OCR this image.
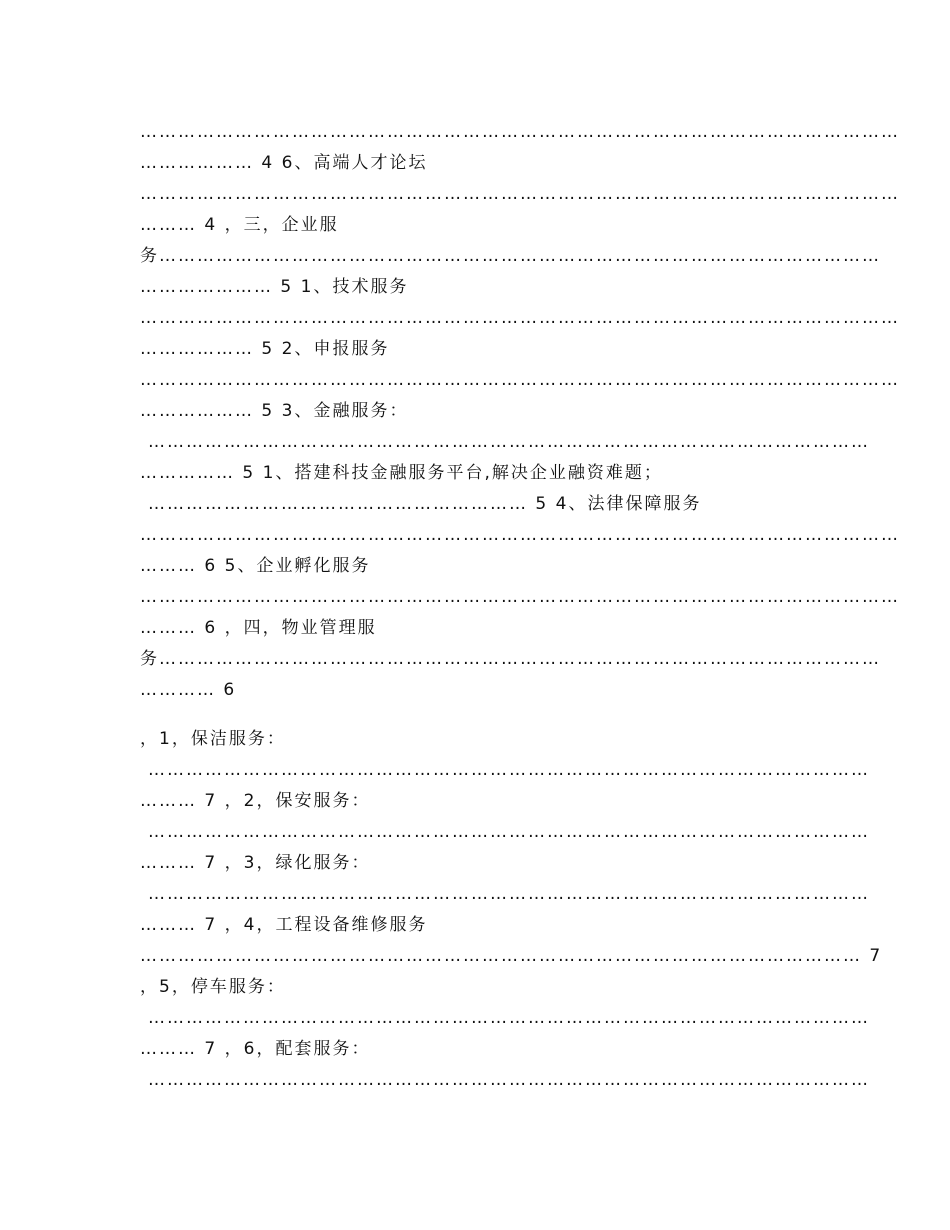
…………………………………………………………………………………………………………
……………… 4 6、高端人才论坛
…………………………………………………………………………………………………………
……… 4 ，三，企业服
务……………………………………………………………………………………………………
………………… 5 1、技术服务
…………………………………………………………………………………………………………
……………… 5 2、申报服务
…………………………………………………………………………………………………………
……………… 5 3、金融服务：
……………………………………………………………………………………………………
…………… 5 1、搭建科技金融服务平台,解决企业融资难题；
…………………………………………………… 5 4、法律保障服务
…………………………………………………………………………………………………………
……… 6 5、企业孵化服务
…………………………………………………………………………………………………………
……… 6 ，四，物业管理服
务……………………………………………………………………………………………………
………… 6
，1，保洁服务：
……………………………………………………………………………………………………
……… 7 ，2，保安服务：
……………………………………………………………………………………………………
……… 7 ，3，绿化服务：
……………………………………………………………………………………………………
……… 7 ，4，工程设备维修服务
…………………………………………………………………………………………………… 7
，5，停车服务：
……………………………………………………………………………………………………
……… 7 ，6，配套服务：
……………………………………………………………………………………………………
